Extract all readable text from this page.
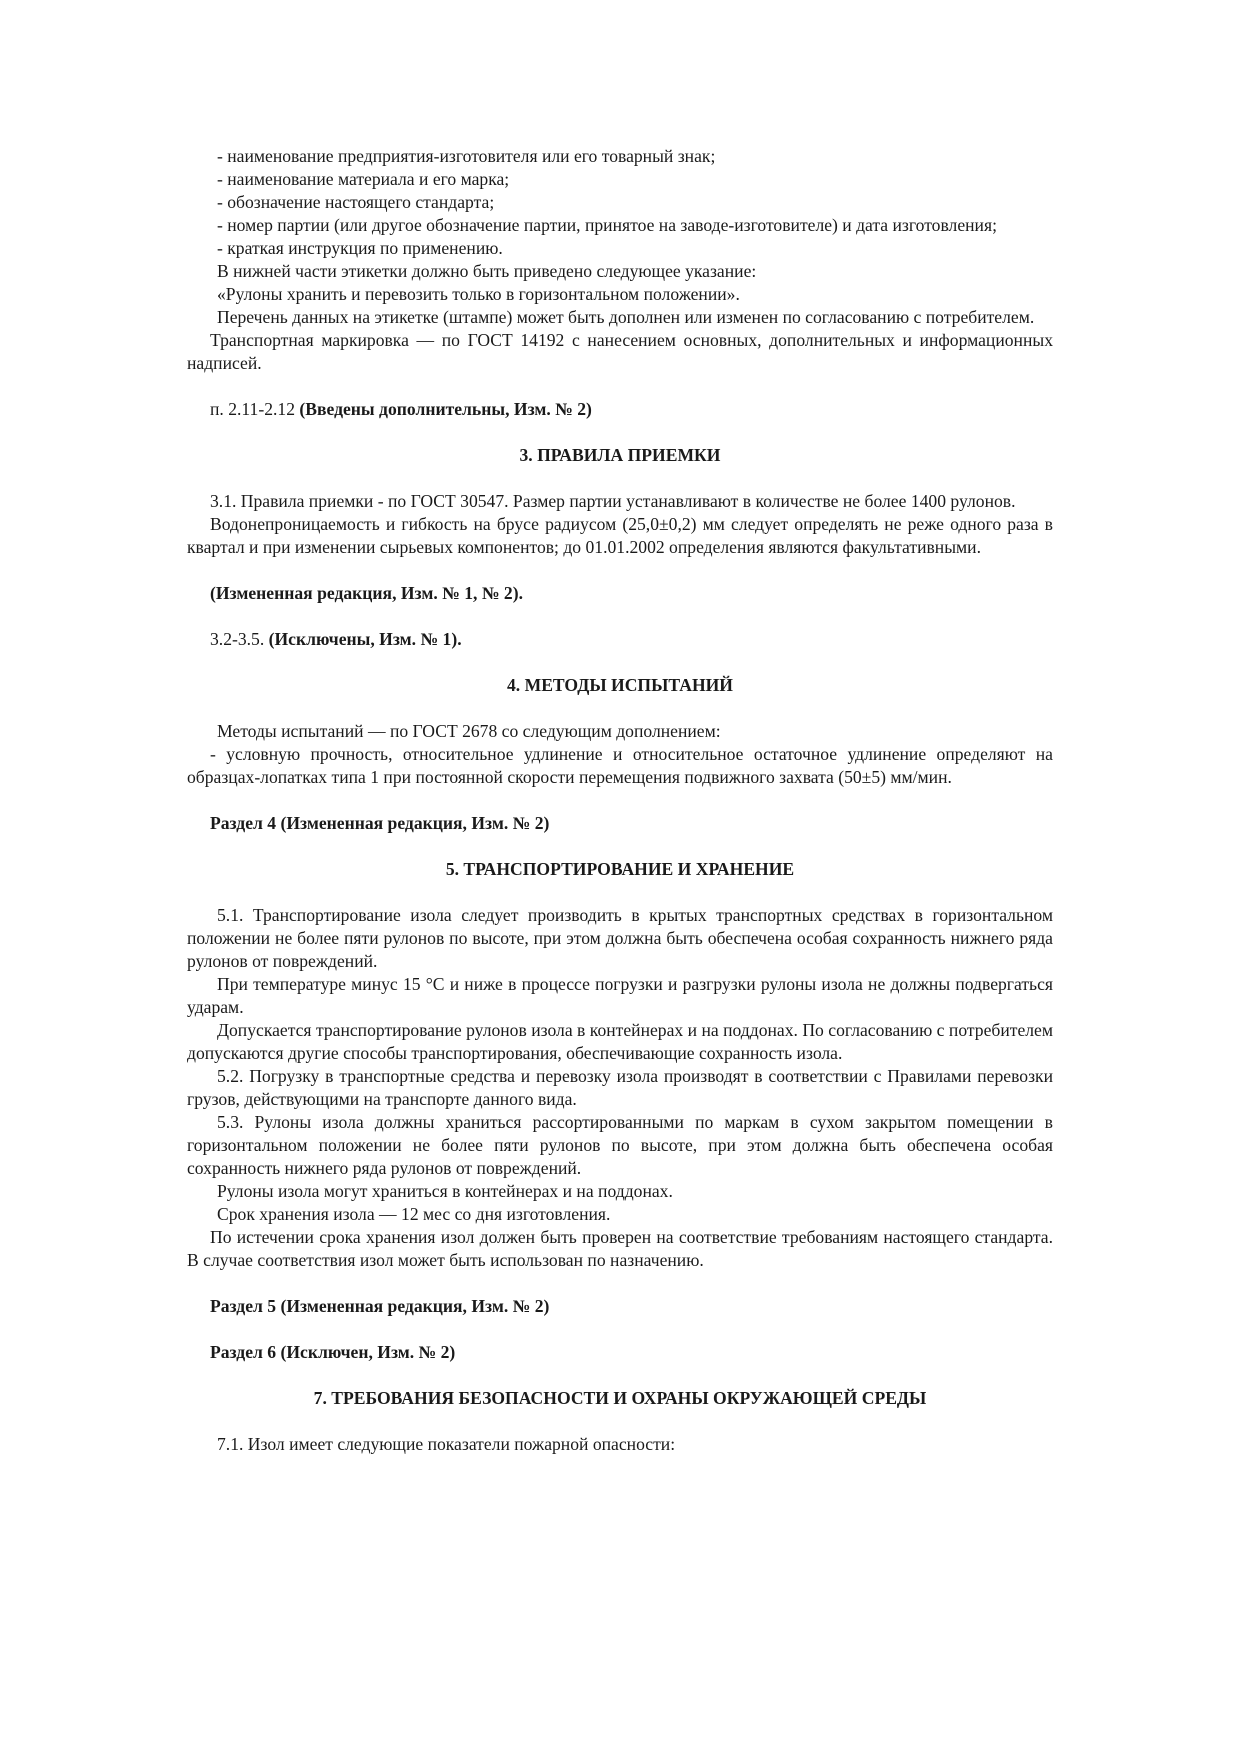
- наименование предприятия-изготовителя или его товарный знак;

- наименование материала и его марка;

- обозначение настоящего стандарта;

- номер партии (или другое обозначение партии, принятое на заводе-изготовителе) и дата изготовления;

- краткая инструкция по применению.

В нижней части этикетки должно быть приведено следующее указание:

«Рулоны хранить и перевозить только в горизонтальном положении».

Перечень данных на этикетке (штампе) может быть дополнен или изменен по согласованию с потребителем.

Транспортная маркировка — по ГОСТ 14192 с нанесением основных, дополнительных и информационных надписей.

п. 2.11-2.12 (Введены дополнительны, Изм. № 2)

3. ПРАВИЛА ПРИЕМКИ

3.1. Правила приемки - по ГОСТ 30547. Размер партии устанавливают в количестве не более 1400 рулонов.

Водонепроницаемость и гибкость на брусе радиусом (25,0±0,2) мм следует определять не реже одного раза в квартал и при изменении сырьевых компонентов; до 01.01.2002 определения являются факультативными.

(Измененная редакция, Изм. № 1, № 2).

3.2-3.5. (Исключены, Изм. № 1).

4. МЕТОДЫ ИСПЫТАНИЙ

Методы испытаний — по ГОСТ 2678 со следующим дополнением:

- условную прочность, относительное удлинение и относительное остаточное удлинение определяют на образцах-лопатках типа 1 при постоянной скорости перемещения подвижного захвата (50±5) мм/мин.

Раздел 4 (Измененная редакция, Изм. № 2)

5. ТРАНСПОРТИРОВАНИЕ И ХРАНЕНИЕ

5.1. Транспортирование изола следует производить в крытых транспортных средствах в горизонтальном положении не более пяти рулонов по высоте, при этом должна быть обеспечена особая сохранность нижнего ряда рулонов от повреждений.

При температуре минус 15 °С и ниже в процессе погрузки и разгрузки рулоны изола не должны подвергаться ударам.

Допускается транспортирование рулонов изола в контейнерах и на поддонах. По согласованию с потребителем допускаются другие способы транспортирования, обеспечивающие сохранность изола.

5.2. Погрузку в транспортные средства и перевозку изола производят в соответствии с Правилами перевозки грузов, действующими на транспорте данного вида.

5.3. Рулоны изола должны храниться рассортированными по маркам в сухом закрытом помещении в горизонтальном положении не более пяти рулонов по высоте, при этом должна быть обеспечена особая сохранность нижнего ряда рулонов от повреждений.

Рулоны изола могут храниться в контейнерах и на поддонах.

Срок хранения изола — 12 мес со дня изготовления.

По истечении срока хранения изол должен быть проверен на соответствие требованиям настоящего стандарта. В случае соответствия изол может быть использован по назначению.

Раздел 5 (Измененная редакция, Изм. № 2)

Раздел 6 (Исключен, Изм. № 2)

7. ТРЕБОВАНИЯ БЕЗОПАСНОСТИ И ОХРАНЫ ОКРУЖАЮЩЕЙ СРЕДЫ

7.1. Изол имеет следующие показатели пожарной опасности:
